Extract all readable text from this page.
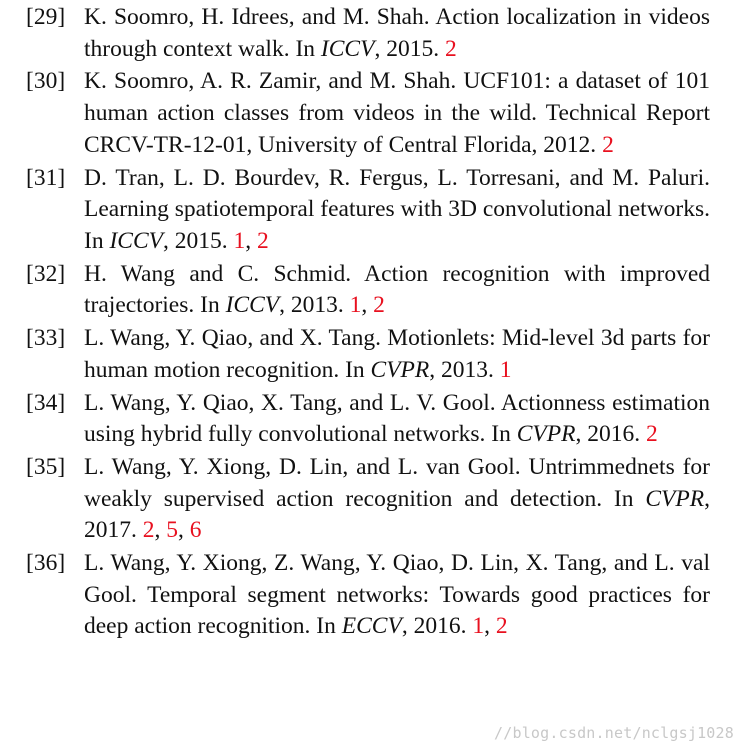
[29] K. Soomro, H. Idrees, and M. Shah. Action localization in videos through context walk. In ICCV, 2015. 2
[30] K. Soomro, A. R. Zamir, and M. Shah. UCF101: a dataset of 101 human action classes from videos in the wild. Technical Report CRCV-TR-12-01, University of Central Florida, 2012. 2
[31] D. Tran, L. D. Bourdev, R. Fergus, L. Torresani, and M. Paluri. Learning spatiotemporal features with 3D convolutional networks. In ICCV, 2015. 1, 2
[32] H. Wang and C. Schmid. Action recognition with improved trajectories. In ICCV, 2013. 1, 2
[33] L. Wang, Y. Qiao, and X. Tang. Motionlets: Mid-level 3d parts for human motion recognition. In CVPR, 2013. 1
[34] L. Wang, Y. Qiao, X. Tang, and L. V. Gool. Actionness estimation using hybrid fully convolutional networks. In CVPR, 2016. 2
[35] L. Wang, Y. Xiong, D. Lin, and L. van Gool. Untrimmednets for weakly supervised action recognition and detection. In CVPR, 2017. 2, 5, 6
[36] L. Wang, Y. Xiong, Z. Wang, Y. Qiao, D. Lin, X. Tang, and L. val Gool. Temporal segment networks: Towards good practices for deep action recognition. In ECCV, 2016. 1, 2
//blog.csdn.net/nclgsj1028
